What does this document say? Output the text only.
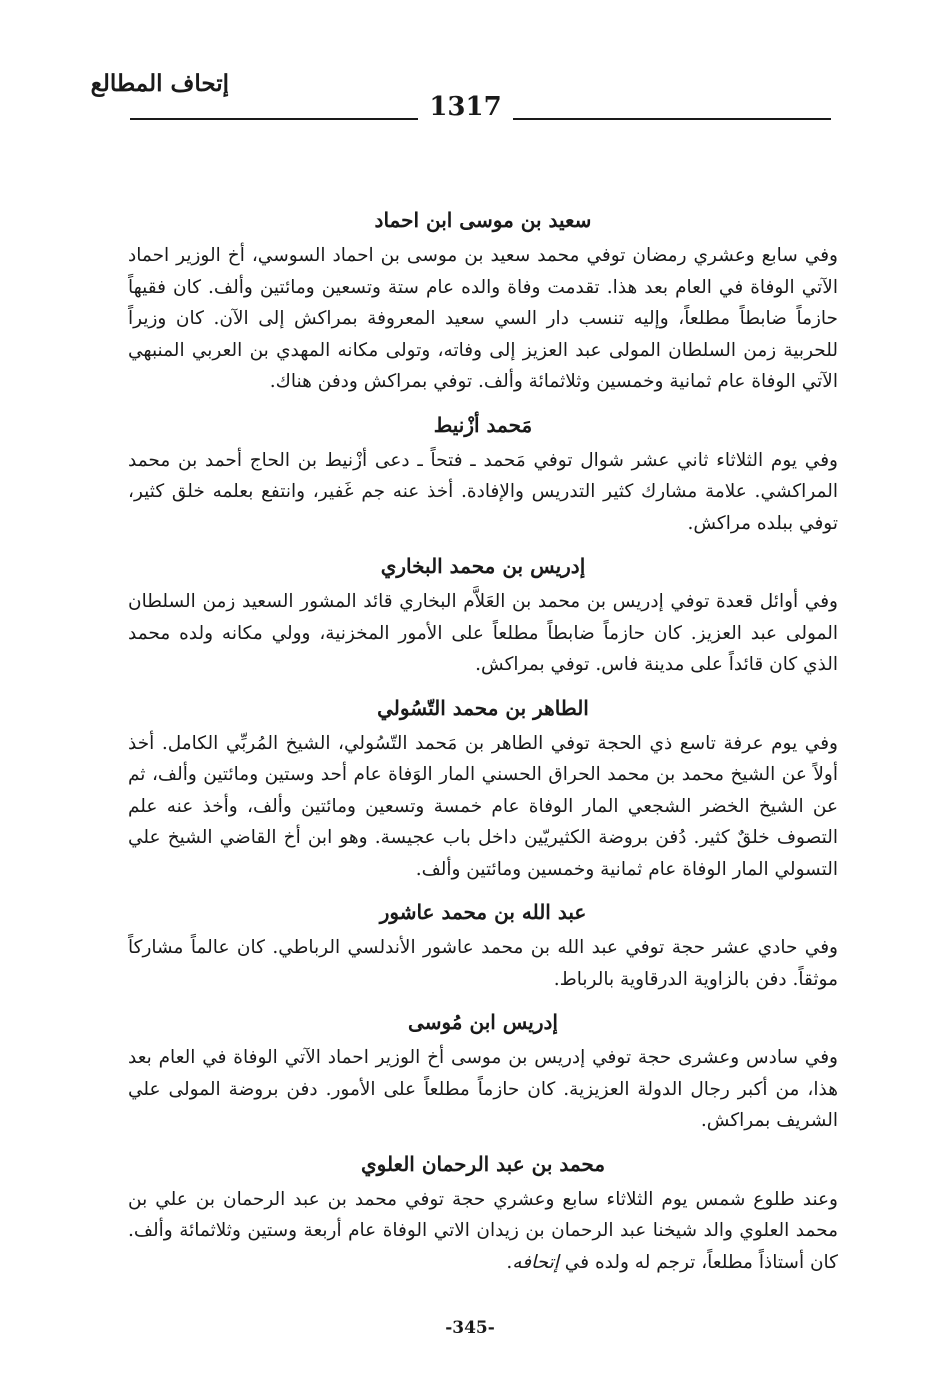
إتحاف المطالع
1317
سعيد بن موسى ابن احماد

وفي سابع وعشري رمضان توفي محمد سعيد بن موسى بن احماد السوسي، أخ الوزير احماد الآتي الوفاة في العام بعد هذا. تقدمت وفاة والده عام ستة وتسعين ومائتين وألف. كان فقيهاً حازماً ضابطاً مطلعاً، وإليه تنسب دار السي سعيد المعروفة بمراكش إلى الآن. كان وزيراً للحربية زمن السلطان المولى عبد العزيز إلى وفاته، وتولى مكانه المهدي بن العربي المنبهي الآتي الوفاة عام ثمانية وخمسين وثلاثمائة وألف. توفي بمراكش ودفن هناك.

مَحمد أزْنيط

وفي يوم الثلاثاء ثاني عشر شوال توفي مَحمد ـ فتحاً ـ دعى أزْنيط بن الحاج أحمد بن محمد المراكشي. علامة مشارك كثير التدريس والإفادة. أخذ عنه جم غَفير، وانتفع بعلمه خلق كثير، توفي ببلده مراكش.

إدريس بن محمد البخاري

وفي أوائل قعدة توفي إدريس بن محمد بن العَلاَّم البخاري قائد المشور السعيد زمن السلطان المولى عبد العزيز. كان حازماً ضابطاً مطلعاً على الأمور المخزنية، وولي مكانه ولده محمد الذي كان قائداً على مدينة فاس. توفي بمراكش.

الطاهر بن محمد التّسُولي

وفي يوم عرفة تاسع ذي الحجة توفي الطاهر بن مَحمد التّسُولي، الشيخ المُربِّي الكامل. أخذ أولاً عن الشيخ محمد بن محمد الحراق الحسني المار الوَفاة عام أحد وستين ومائتين وألف، ثم عن الشيخ الخضر الشجعي المار الوفاة عام خمسة وتسعين ومائتين وألف، وأخذ عنه علم التصوف خلقٌ كثير. دُفن بروضة الكثيريّين داخل باب عجيسة. وهو ابن أخ القاضي الشيخ علي التسولي المار الوفاة عام ثمانية وخمسين ومائتين وألف.

عبد الله بن محمد عاشور

وفي حادي عشر حجة توفي عبد الله بن محمد عاشور الأندلسي الرباطي. كان عالماً مشاركاً موثقاً. دفن بالزاوية الدرقاوية بالرباط.

إدريس ابن مُوسى

وفي سادس وعشرى حجة توفي إدريس بن موسى أخ الوزير احماد الآتي الوفاة في العام بعد هذا، من أكبر رجال الدولة العزيزية. كان حازماً مطلعاً على الأمور. دفن بروضة المولى علي الشريف بمراكش.

محمد بن عبد الرحمان العلوي

وعند طلوع شمس يوم الثلاثاء سابع وعشري حجة توفي محمد بن عبد الرحمان بن علي بن محمد العلوي والد شيخنا عبد الرحمان بن زيدان الاتي الوفاة عام أربعة وستين وثلاثمائة وألف. كان أستاذاً مطلعاً، ترجم له ولده في إتحافه.

-345-
